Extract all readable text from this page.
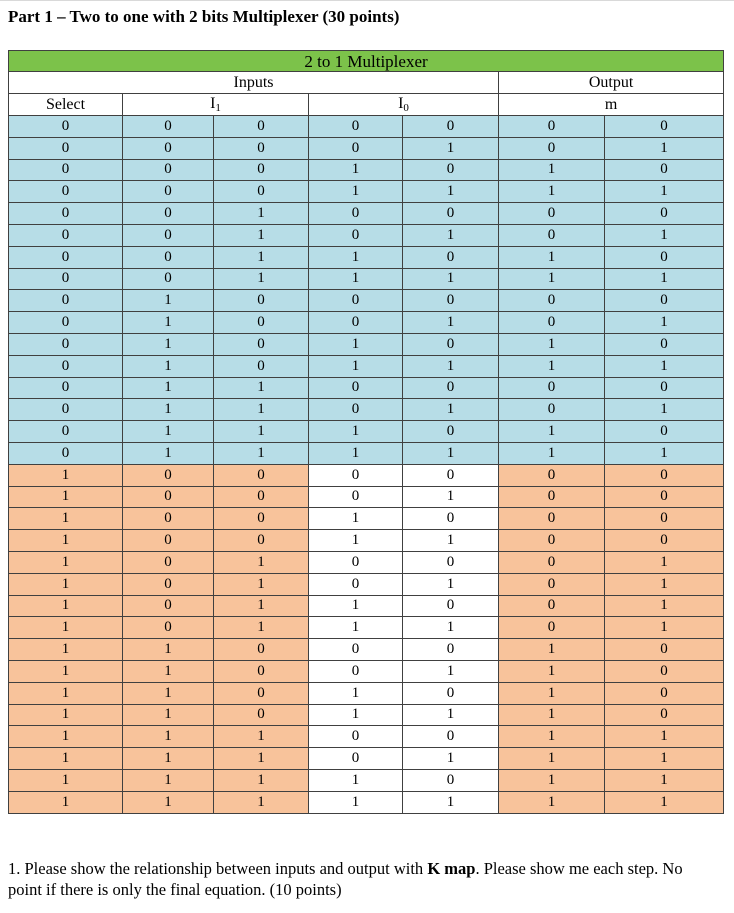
Part 1 – Two to one with 2 bits Multiplexer (30 points)
2 to 1 Multiplexer						
Inputs					Output	
Select	$I_1$		$I_0$		m	
0	0	0	0	0	0	0
0	0	0	0	1	0	1
0	0	0	1	0	1	0
0	0	0	1	1	1	1
0	0	1	0	0	0	0
0	0	1	0	1	0	1
0	0	1	1	0	1	0
0	0	1	1	1	1	1
0	1	0	0	0	0	0
0	1	0	0	1	0	1
0	1	0	1	0	1	0
0	1	0	1	1	1	1
0	1	1	0	0	0	0
0	1	1	0	1	0	1
0	1	1	1	0	1	0
0	1	1	1	1	1	1
1	0	0	0	0	0	0
1	0	0	0	1	0	0
1	0	0	1	0	0	0
1	0	0	1	1	0	0
1	0	1	0	0	0	1
1	0	1	0	1	0	1
1	0	1	1	0	0	1
1	0	1	1	1	0	1
1	1	0	0	0	1	0
1	1	0	0	1	1	0
1	1	0	1	0	1	0
1	1	0	1	1	1	0
1	1	1	0	0	1	1
1	1	1	0	1	1	1
1	1	1	1	0	1	1
1	1	1	1	1	1	1
1. Please show the relationship between inputs and output with K map. Please show me each step. No point if there is only the final equation. (10 points)
